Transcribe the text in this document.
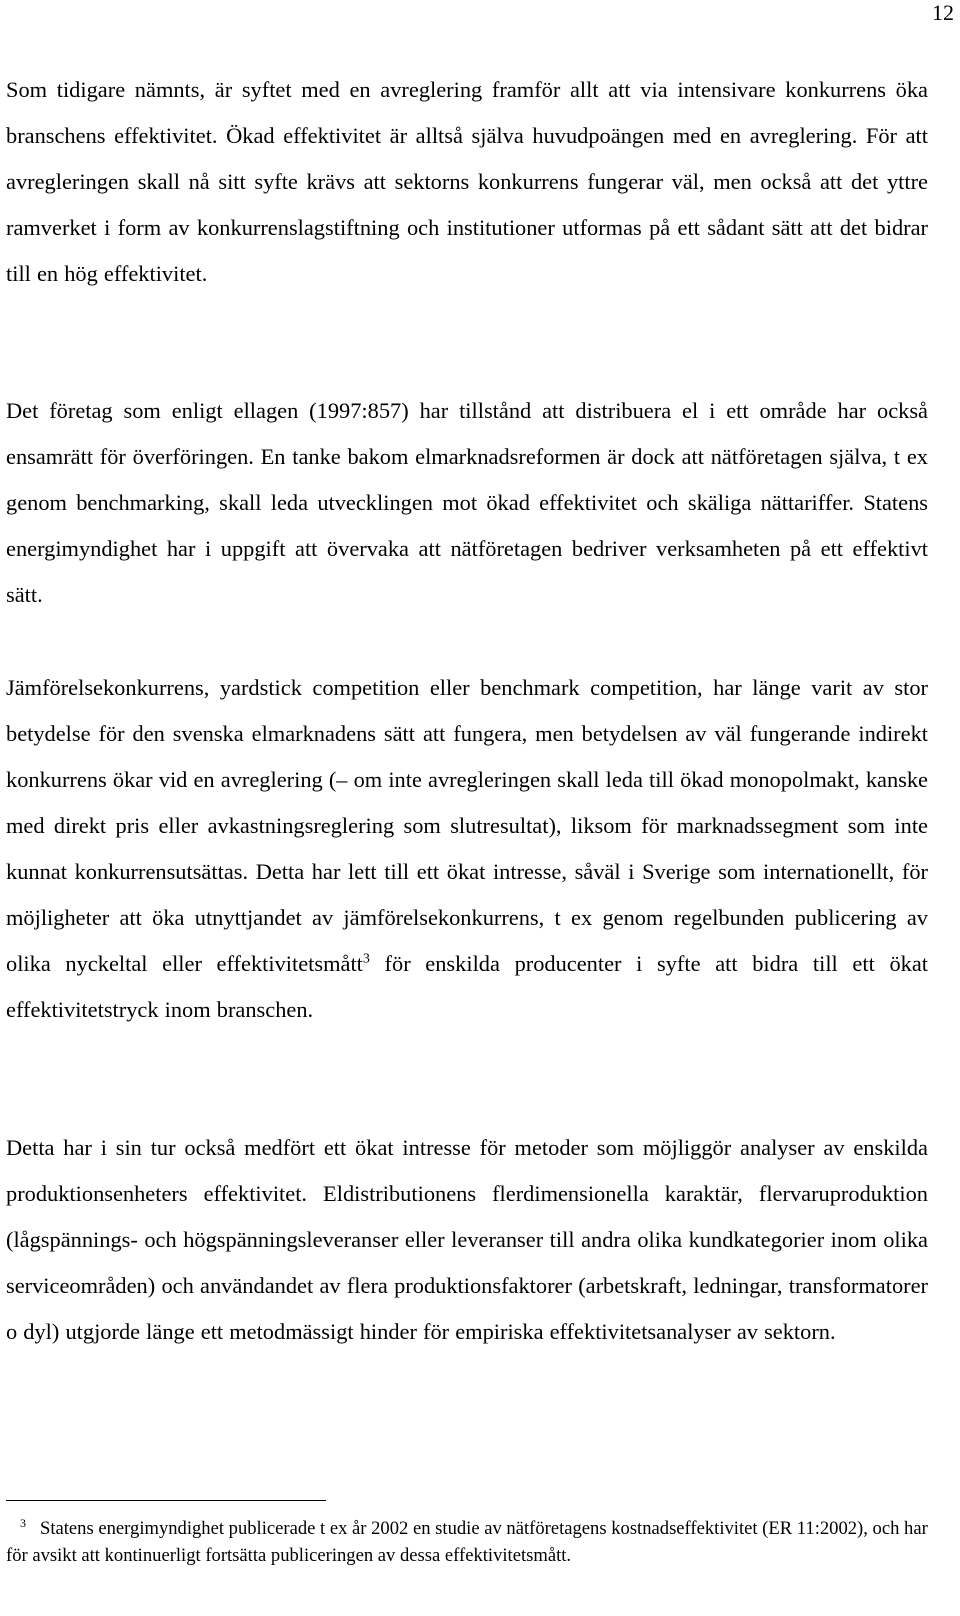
12

Som tidigare nämnts, är syftet med en avreglering framför allt att via intensivare konkurrens öka branschens effektivitet. Ökad effektivitet är alltså själva huvudpoängen med en avreglering. För att avregleringen skall nå sitt syfte krävs att sektorns konkurrens fungerar väl, men också att det yttre ramverket i form av konkurrenslagstiftning och institutioner utformas på ett sådant sätt att det bidrar till en hög effektivitet.

Det företag som enligt ellagen (1997:857) har tillstånd att distribuera el i ett område har också ensamrätt för överföringen. En tanke bakom elmarknadsreformen är dock att nätföretagen själva, t ex genom benchmarking, skall leda utvecklingen mot ökad effektivitet och skäliga nättariffer. Statens energimyndighet har i uppgift att övervaka att nätföretagen bedriver verksamheten på ett effektivt sätt.

Jämförelsekonkurrens, yardstick competition eller benchmark competition, har länge varit av stor betydelse för den svenska elmarknadens sätt att fungera, men betydelsen av väl fungerande indirekt konkurrens ökar vid en avreglering (– om inte avregleringen skall leda till ökad monopolmakt, kanske med direkt pris eller avkastningsreglering som slutresultat), liksom för marknadssegment som inte kunnat konkurrensutsättas. Detta har lett till ett ökat intresse, såväl i Sverige som internationellt, för möjligheter att öka utnyttjandet av jämförelsekonkurrens, t ex genom regelbunden publicering av olika nyckeltal eller effektivitetsmått$^3$ för enskilda producenter i syfte att bidra till ett ökat effektivitetstryck inom branschen.

Detta har i sin tur också medfört ett ökat intresse för metoder som möjliggör analyser av enskilda produktionsenheters effektivitet. Eldistributionens flerdimensionella karaktär, flervaruproduktion (lågspännings- och högspänningsleveranser eller leveranser till andra olika kundkategorier inom olika serviceområden) och användandet av flera produktionsfaktorer (arbetskraft, ledningar, transformatorer o dyl) utgjorde länge ett metodmässigt hinder för empiriska effektivitetsanalyser av sektorn.

$^3$ Statens energimyndighet publicerade t ex år 2002 en studie av nätföretagens kostnadseffektivitet (ER 11:2002), och har för avsikt att kontinuerligt fortsätta publiceringen av dessa effektivitetsmått.
